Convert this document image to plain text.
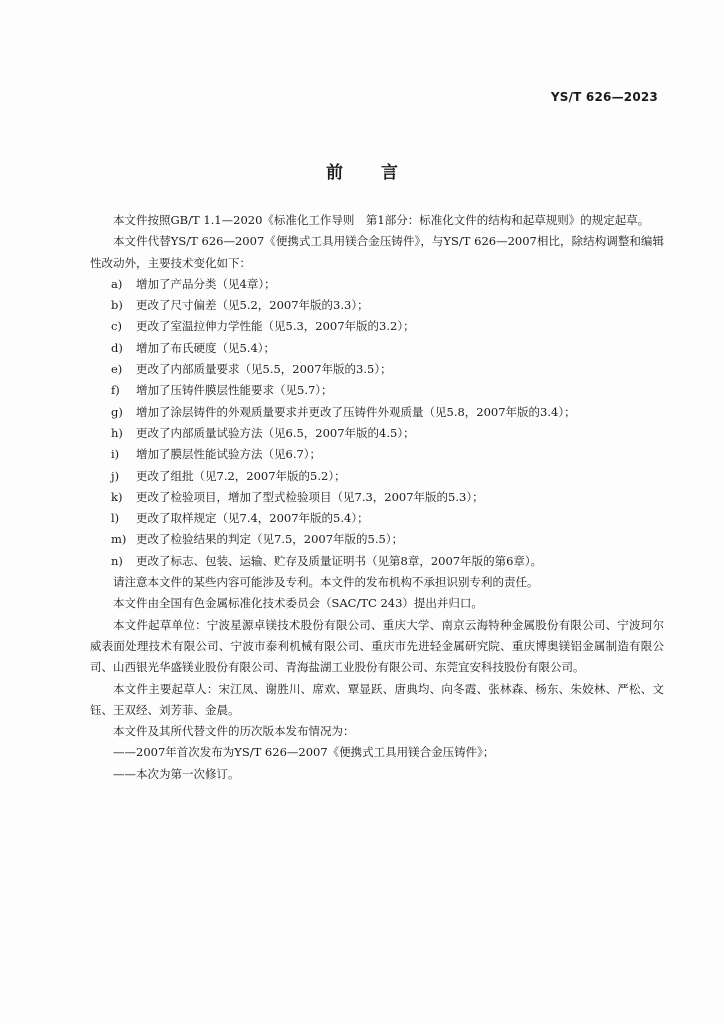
YS/T 626—2023
前言

本文件按照GB/T 1.1—2020《标准化工作导则　第1部分：标准化文件的结构和起草规则》的规定起草。

本文件代替YS/T 626—2007《便携式工具用镁合金压铸件》，与YS/T 626—2007相比，除结构调整和编辑性改动外，主要技术变化如下：

a)	增加了产品分类（见4章）；
b)	更改了尺寸偏差（见5.2，2007年版的3.3）；
c)	更改了室温拉伸力学性能（见5.3，2007年版的3.2）；
d)	增加了布氏硬度（见5.4）；
e)	更改了内部质量要求（见5.5，2007年版的3.5）；
f)	增加了压铸件膜层性能要求（见5.7）；
g)	增加了涂层铸件的外观质量要求并更改了压铸件外观质量（见5.8，2007年版的3.4）；
h)	更改了内部质量试验方法（见6.5，2007年版的4.5）；
i)	增加了膜层性能试验方法（见6.7）；
j)	更改了组批（见7.2，2007年版的5.2）；
k)	更改了检验项目，增加了型式检验项目（见7.3，2007年版的5.3）；
l)	更改了取样规定（见7.4，2007年版的5.4）；
m) 更改了检验结果的判定（见7.5，2007年版的5.5）；
n)	更改了标志、包装、运输、贮存及质量证明书（见第8章，2007年版的第6章）。

请注意本文件的某些内容可能涉及专利。本文件的发布机构不承担识别专利的责任。

本文件由全国有色金属标准化技术委员会（SAC/TC 243）提出并归口。

本文件起草单位：宁波星源卓镁技术股份有限公司、重庆大学、南京云海特种金属股份有限公司、宁波珂尔威表面处理技术有限公司、宁波市泰利机械有限公司、重庆市先进轻金属研究院、重庆博奥镁铝金属制造有限公司、山西银光华盛镁业股份有限公司、青海盐湖工业股份有限公司、东莞宜安科技股份有限公司。

本文件主要起草人：宋江凤、谢胜川、席欢、覃显跃、唐典均、向冬霞、张林森、杨东、朱姣林、严松、文钰、王双经、刘芳菲、金晨。

本文件及其所代替文件的历次版本发布情况为：

——2007年首次发布为YS/T 626—2007《便携式工具用镁合金压铸件》；

——本次为第一次修订。
